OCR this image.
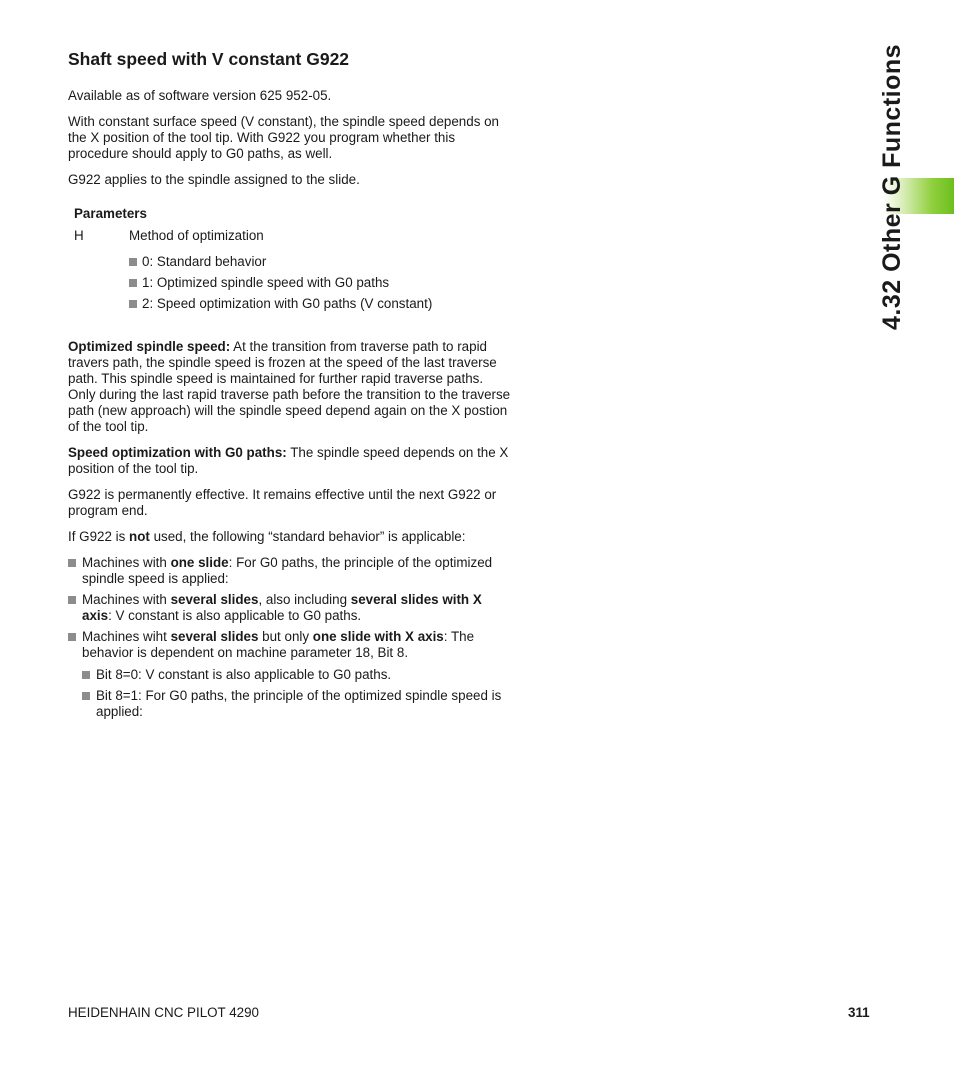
4.32 Other G Functions
Shaft speed with V constant G922

Available as of software version 625 952-05.

With constant surface speed (V constant), the spindle speed depends on the X position of the tool tip. With G922 you program whether this procedure should apply to G0 paths, as well.

G922 applies to the spindle assigned to the slide.

Parameters
H	Method of optimization
0: Standard behavior
1: Optimized spindle speed with G0 paths
2: Speed optimization with G0 paths (V constant)

Optimized spindle speed: At the transition from traverse path to rapid travers path, the spindle speed is frozen at the speed of the last traverse path. This spindle speed is maintained for further rapid traverse paths. Only during the last rapid traverse path before the transition to the traverse path (new approach) will the spindle speed depend again on the X postion of the tool tip.

Speed optimization with G0 paths: The spindle speed depends on the X position of the tool tip.

G922 is permanently effective. It remains effective until the next G922 or program end.

If G922 is not used, the following “standard behavior” is applicable:

Machines with one slide: For G0 paths, the principle of the optimized spindle speed is applied:
Machines with several slides, also including several slides with X axis: V constant is also applicable to G0 paths.
Machines wiht several slides but only one slide with X axis: The behavior is dependent on machine parameter 18, Bit 8.
Bit 8=0: V constant is also applicable to G0 paths.
Bit 8=1: For G0 paths, the principle of the optimized spindle speed is applied:
HEIDENHAIN CNC PILOT 4290	311
